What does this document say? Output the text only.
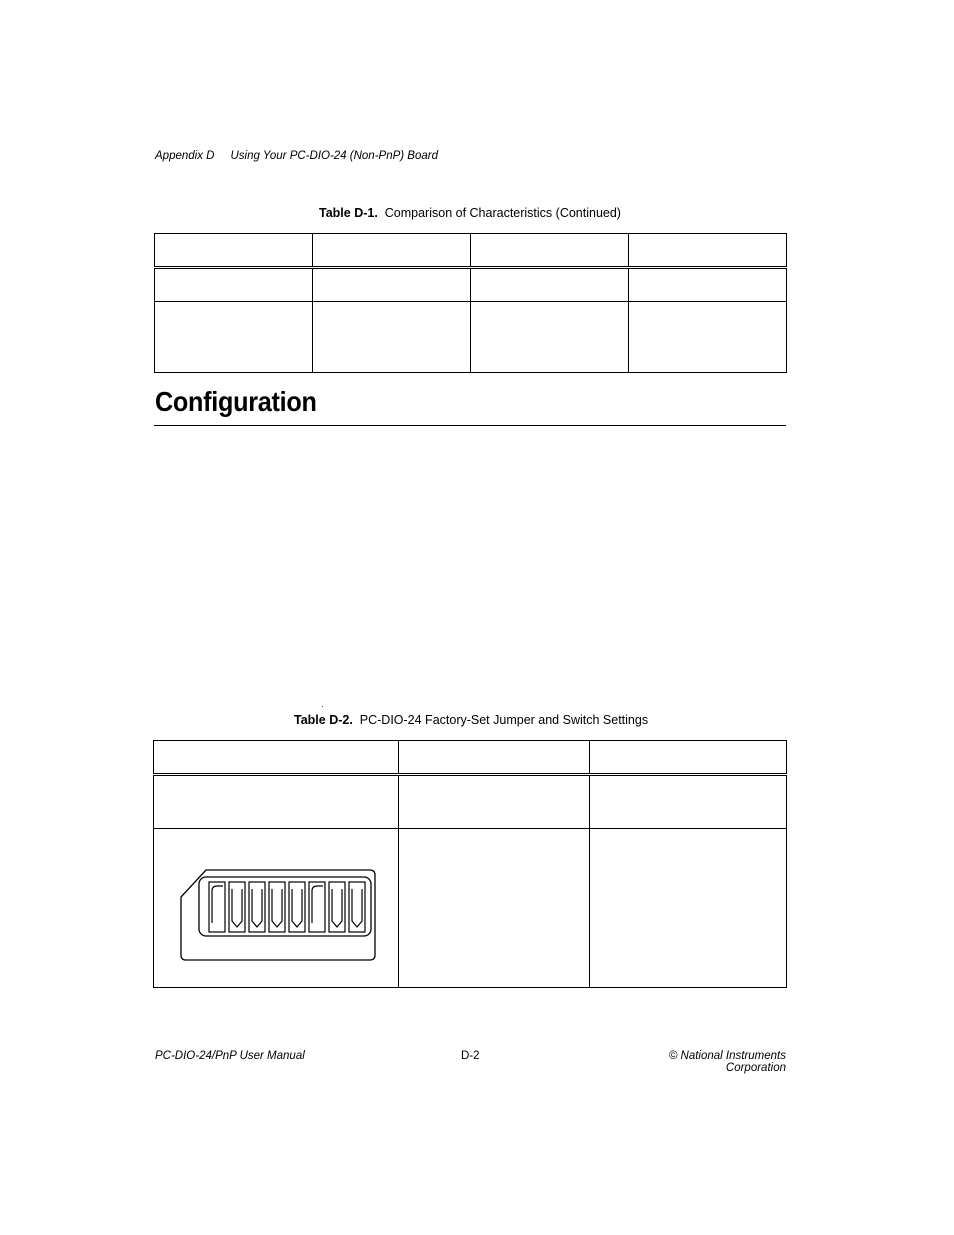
Appendix D Using Your PC-DIO-24 (Non-PnP) Board
Table D-1. Comparison of Characteristics (Continued)

Configuration
Table D-2. PC-DIO-24 Factory-Set Jumper and Switch Settings

PC-DIO-24/PnP User Manual	D-2	© National Instruments Corporation
